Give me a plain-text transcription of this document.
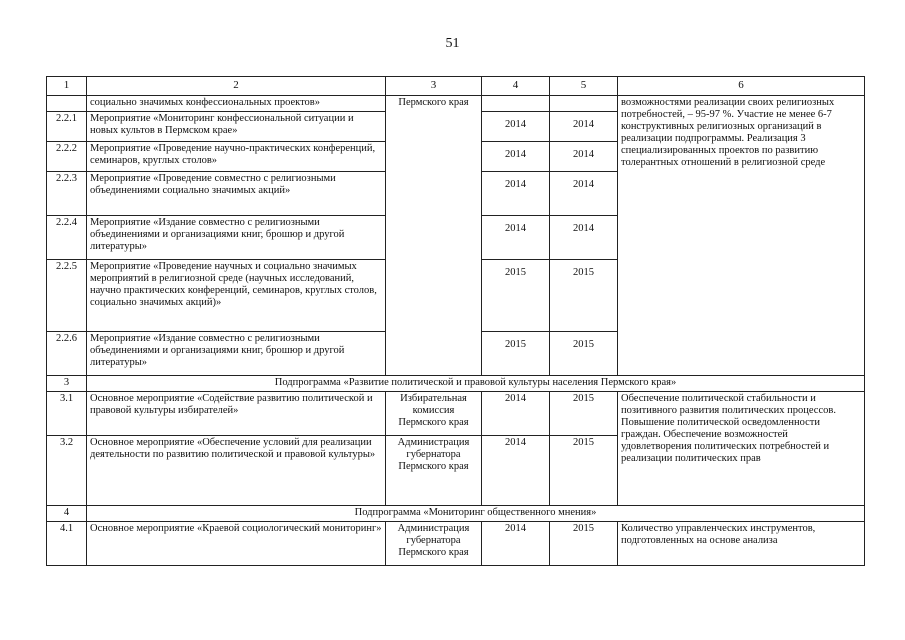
51
1	2	3	4	5	6
	социально значимых конфессиональных проектов»	Пермского края			возможностями реализации своих религиозных потребностей, – 95-97 %. Участие не менее 6-7 конструктивных религиозных организаций в реализации подпрограммы. Реализация 3 специализированных проектов по развитию толерантных отношений в религиозной среде
2.2.1	Мероприятие «Мониторинг конфессиональной ситуации и новых культов в Пермском крае»		2014	2014	

2.2.2	Мероприятие «Проведение научно-практических конференций, семинаров, круглых столов»		2014	2014	

2.2.3	Мероприятие «Проведение совместно с религиозными объединениями социально значимых акций»		2014	2014	

2.2.4	Мероприятие «Издание совместно с религиозными объединениями и организациями книг, брошюр и другой литературы»		2014	2014	

2.2.5	Мероприятие «Проведение научных и социально значимых мероприятий в религиозной среде (научных исследований, научно практических конференций, семинаров, круглых столов, социально значимых акций)»		2015	2015	

2.2.6	Мероприятие «Издание совместно с религиозными объединениями и организациями книг, брошюр и другой литературы»		2015	2015	

3	Подпрограмма «Развитие политической и правовой культуры населения Пермского края»				
3.1	Основное мероприятие «Содействие развитию политической и правовой культуры избирателей»	Избирательная комиссия Пермского края	2014	2015	Обеспечение политической стабильности и позитивного развития политических процессов. Повышение политической осведомленности граждан. Обеспечение возможностей удовлетворения политических потребностей и реализации политических прав
3.2	Основное мероприятие «Обеспечение условий для реализации деятельности по развитию политической и правовой культуры»	Администрация губернатора Пермского края	2014	2015	
4	Подпрограмма «Мониторинг общественного мнения»				
4.1	Основное мероприятие «Краевой социологический мониторинг»	Администрация губернатора Пермского края	2014	2015	Количество управленческих инструментов, подготовленных на основе анализа
